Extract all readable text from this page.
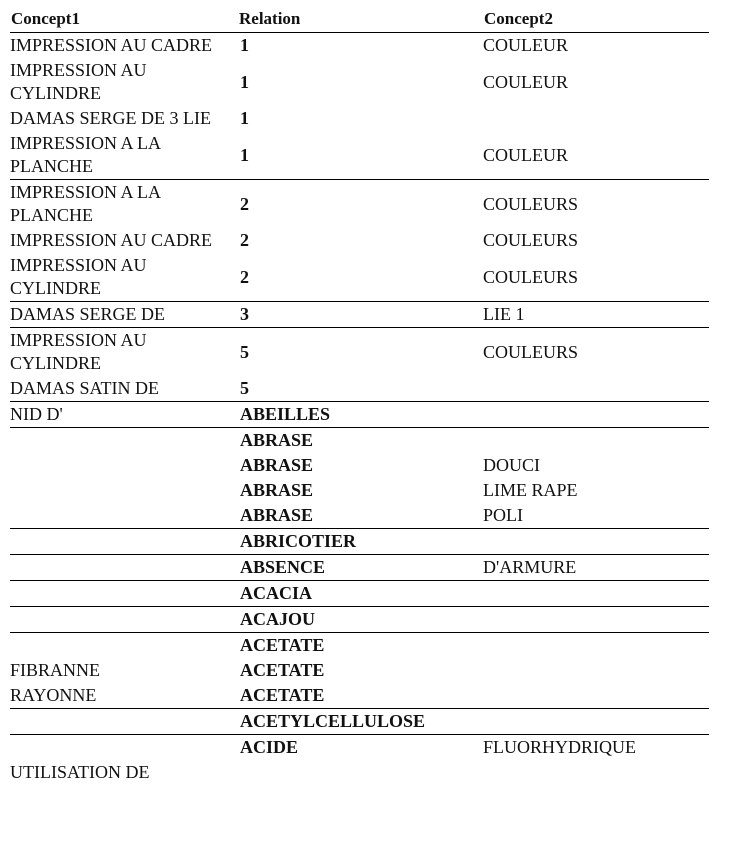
Concept1	Relation	Concept2
IMPRESSION AU CADRE	1	COULEUR
IMPRESSION AU CYLINDRE	1	COULEUR
DAMAS SERGE DE 3 LIE	1	
IMPRESSION A LA PLANCHE	1	COULEUR
IMPRESSION A LA PLANCHE	2	COULEURS
IMPRESSION AU CADRE	2	COULEURS
IMPRESSION AU CYLINDRE	2	COULEURS
DAMAS SERGE DE	3	LIE 1
IMPRESSION AU CYLINDRE	5	COULEURS
DAMAS SATIN DE	5	
NID D'	ABEILLES	
	ABRASE	
	ABRASE	DOUCI
	ABRASE	LIME RAPE
	ABRASE	POLI
	ABRICOTIER	
	ABSENCE	D'ARMURE
	ACACIA	
	ACAJOU	
	ACETATE	
FIBRANNE	ACETATE	
RAYONNE	ACETATE	
	ACETYLCELLULOSE	
	ACIDE	FLUORHYDRIQUE
UTILISATION DE		
